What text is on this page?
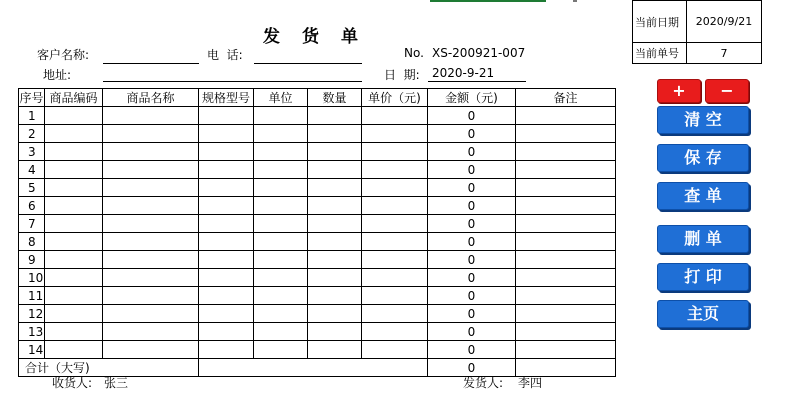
发 货 单
客户名称:	电  话:	No. XS-200921-007
地址:	日  期: 2020-9-21
当前日期	2020/9/21
当前单号	7
序号	商品编码	商品名称	规格型号	单位	数量	单价（元)	金额（元)	备注
1							0	
2							0	
3							0	
4							0	
5							0	
6							0	
7							0	
8							0	
9							0	
10							0	
11							0	
12							0	
13							0	
14							0	
合计（大写)							0	
收货人: 张三	发货人: 李四
+	−
清 空
保 存
查 单
删 单
打 印
主页
